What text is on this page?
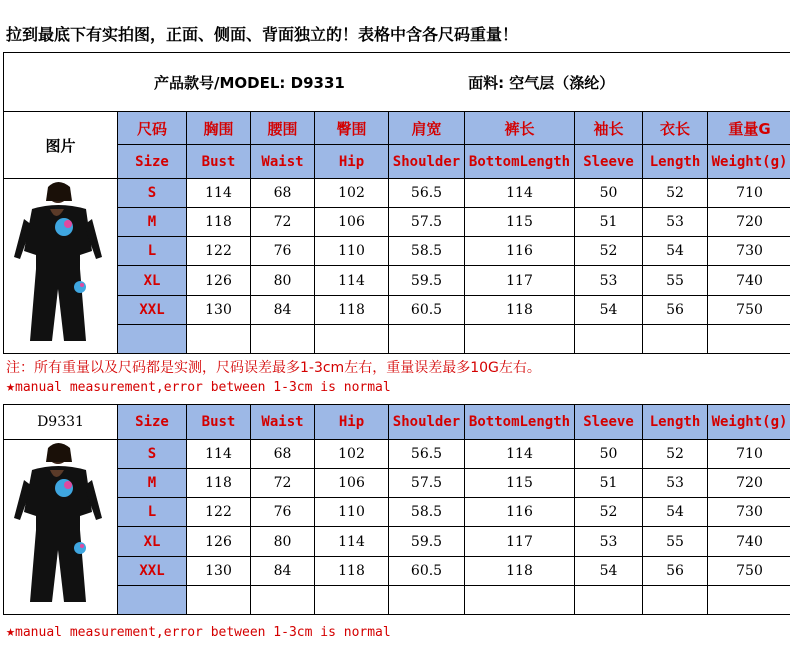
拉到最底下有实拍图，正面、侧面、背面独立的！表格中含各尺码重量！
产品款号/MODEL: D9331 面料: 空气层（涤纶）									
图片	尺码	胸围	腰围	臀围	肩宽	裤长	袖长	衣长	重量G
	Size	Bust	Waist	Hip	Shoulder	BottomLength	Sleeve	Length	Weight(g)
	S	114	68	102	56.5	114	50	52	710
	M	118	72	106	57.5	115	51	53	720
	L	122	76	110	58.5	116	52	54	730
	XL	126	80	114	59.5	117	53	55	740
	XXL	130	84	118	60.5	118	54	56	750

注：所有重量以及尺码都是实测，尺码误差最多1-3cm左右，重量误差最多10G左右。
★manual measurement,error between 1-3cm is normal
D9331	Size	Bust	Waist	Hip	Shoulder	BottomLength	Sleeve	Length	Weight(g)
	S	114	68	102	56.5	114	50	52	710
	M	118	72	106	57.5	115	51	53	720
	L	122	76	110	58.5	116	52	54	730
	XL	126	80	114	59.5	117	53	55	740
	XXL	130	84	118	60.5	118	54	56	750

★manual measurement,error between 1-3cm is normal
